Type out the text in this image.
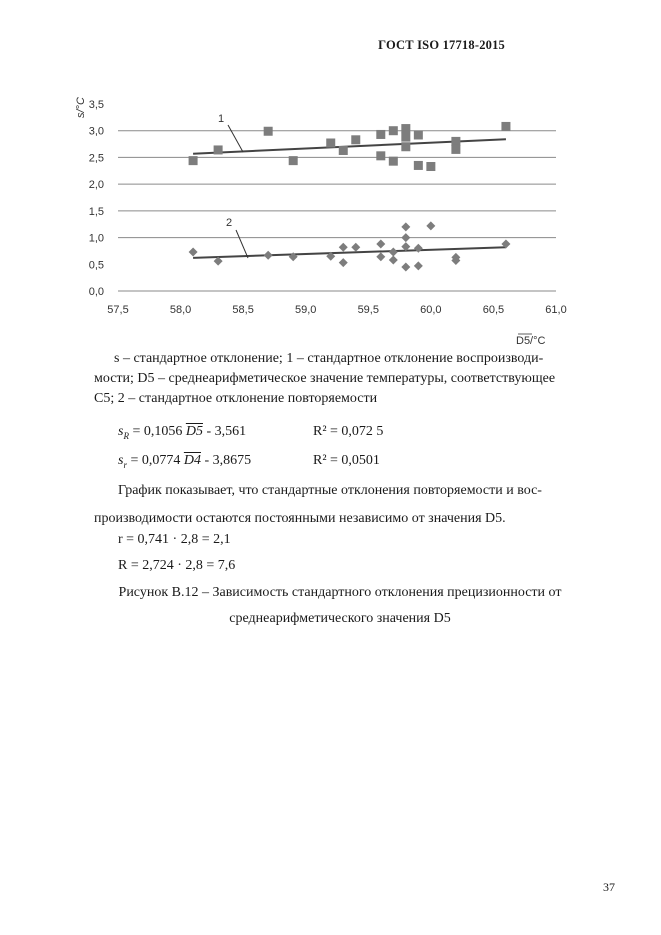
ГОСТ ISO 17718-2015
0,0
0,5
1,0
1,5
2,0
2,5
3,0
3,5
57,5	58,0	58,5	59,0	59,5	60,0	60,5	61,0
1
2
s/°C
D5/°C
s – стандартное отклонение; 1 – стандартное отклонение воспроизводи-
мости; D5 – среднеарифметическое значение температуры, соответствующее
C5; 2 – стандартное отклонение повторяемости
$s_R = 0,1056$ D5 - 3,561	R² = 0,072 5
$s_r = 0,0774$ D4 - 3,8675	R² = 0,0501
График показывает, что стандартные отклонения повторяемости и вос-
производимости остаются постоянными независимо от значения D5.
r = 0,741 · 2,8 = 2,1
R = 2,724 · 2,8 = 7,6
Рисунок В.12 – Зависимость стандартного отклонения прецизионности от
среднеарифметического значения D5
37
